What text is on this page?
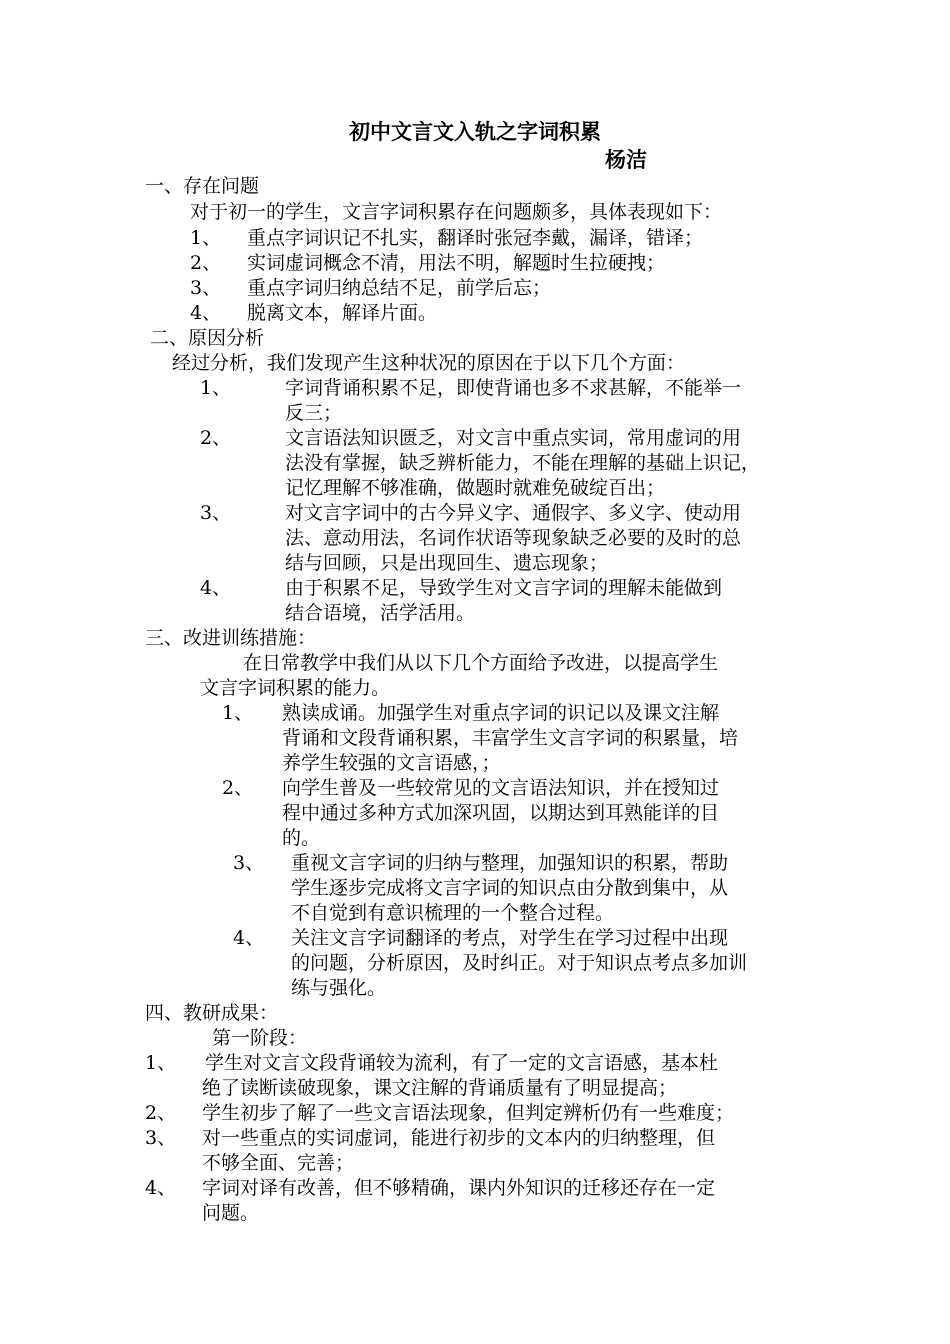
初中文言文入轨之字词积累
杨洁
一、存在问题
对于初一的学生，文言字词积累存在问题颇多，具体表现如下：
1、 重点字词识记不扎实，翻译时张冠李戴，漏译，错译；
2、 实词虚词概念不清，用法不明，解题时生拉硬拽；
3、 重点字词归纳总结不足，前学后忘；
4、 脱离文本，解译片面。
二、原因分析
经过分析，我们发现产生这种状况的原因在于以下几个方面：
1、	字词背诵积累不足，即使背诵也多不求甚解，不能举一
反三；
2、	文言语法知识匮乏，对文言中重点实词，常用虚词的用
法没有掌握，缺乏辨析能力，不能在理解的基础上识记，
记忆理解不够准确，做题时就难免破绽百出；
3、	对文言字词中的古今异义字、通假字、多义字、使动用
法、意动用法，名词作状语等现象缺乏必要的及时的总
结与回顾，只是出现回生、遗忘现象；
4、	由于积累不足，导致学生对文言字词的理解未能做到
结合语境，活学活用。
三、改进训练措施：
在日常教学中我们从以下几个方面给予改进，以提高学生
文言字词积累的能力。
1、 熟读成诵。加强学生对重点字词的识记以及课文注解
背诵和文段背诵积累，丰富学生文言字词的积累量，培
养学生较强的文言语感，；
2、 向学生普及一些较常见的文言语法知识，并在授知过
程中通过多种方式加深巩固，以期达到耳熟能详的目
的。
3、 重视文言字词的归纳与整理，加强知识的积累，帮助
学生逐步完成将文言字词的知识点由分散到集中，从
不自觉到有意识梳理的一个整合过程。
4、 关注文言字词翻译的考点，对学生在学习过程中出现
的问题，分析原因，及时纠正。对于知识点考点多加训
练与强化。
四、教研成果：
第一阶段：
1、 学生对文言文段背诵较为流利，有了一定的文言语感，基本杜
绝了读断读破现象，课文注解的背诵质量有了明显提高；
2、 学生初步了解了一些文言语法现象，但判定辨析仍有一些难度；
3、 对一些重点的实词虚词，能进行初步的文本内的归纳整理，但
不够全面、完善；
4、 字词对译有改善，但不够精确，课内外知识的迁移还存在一定
问题。
